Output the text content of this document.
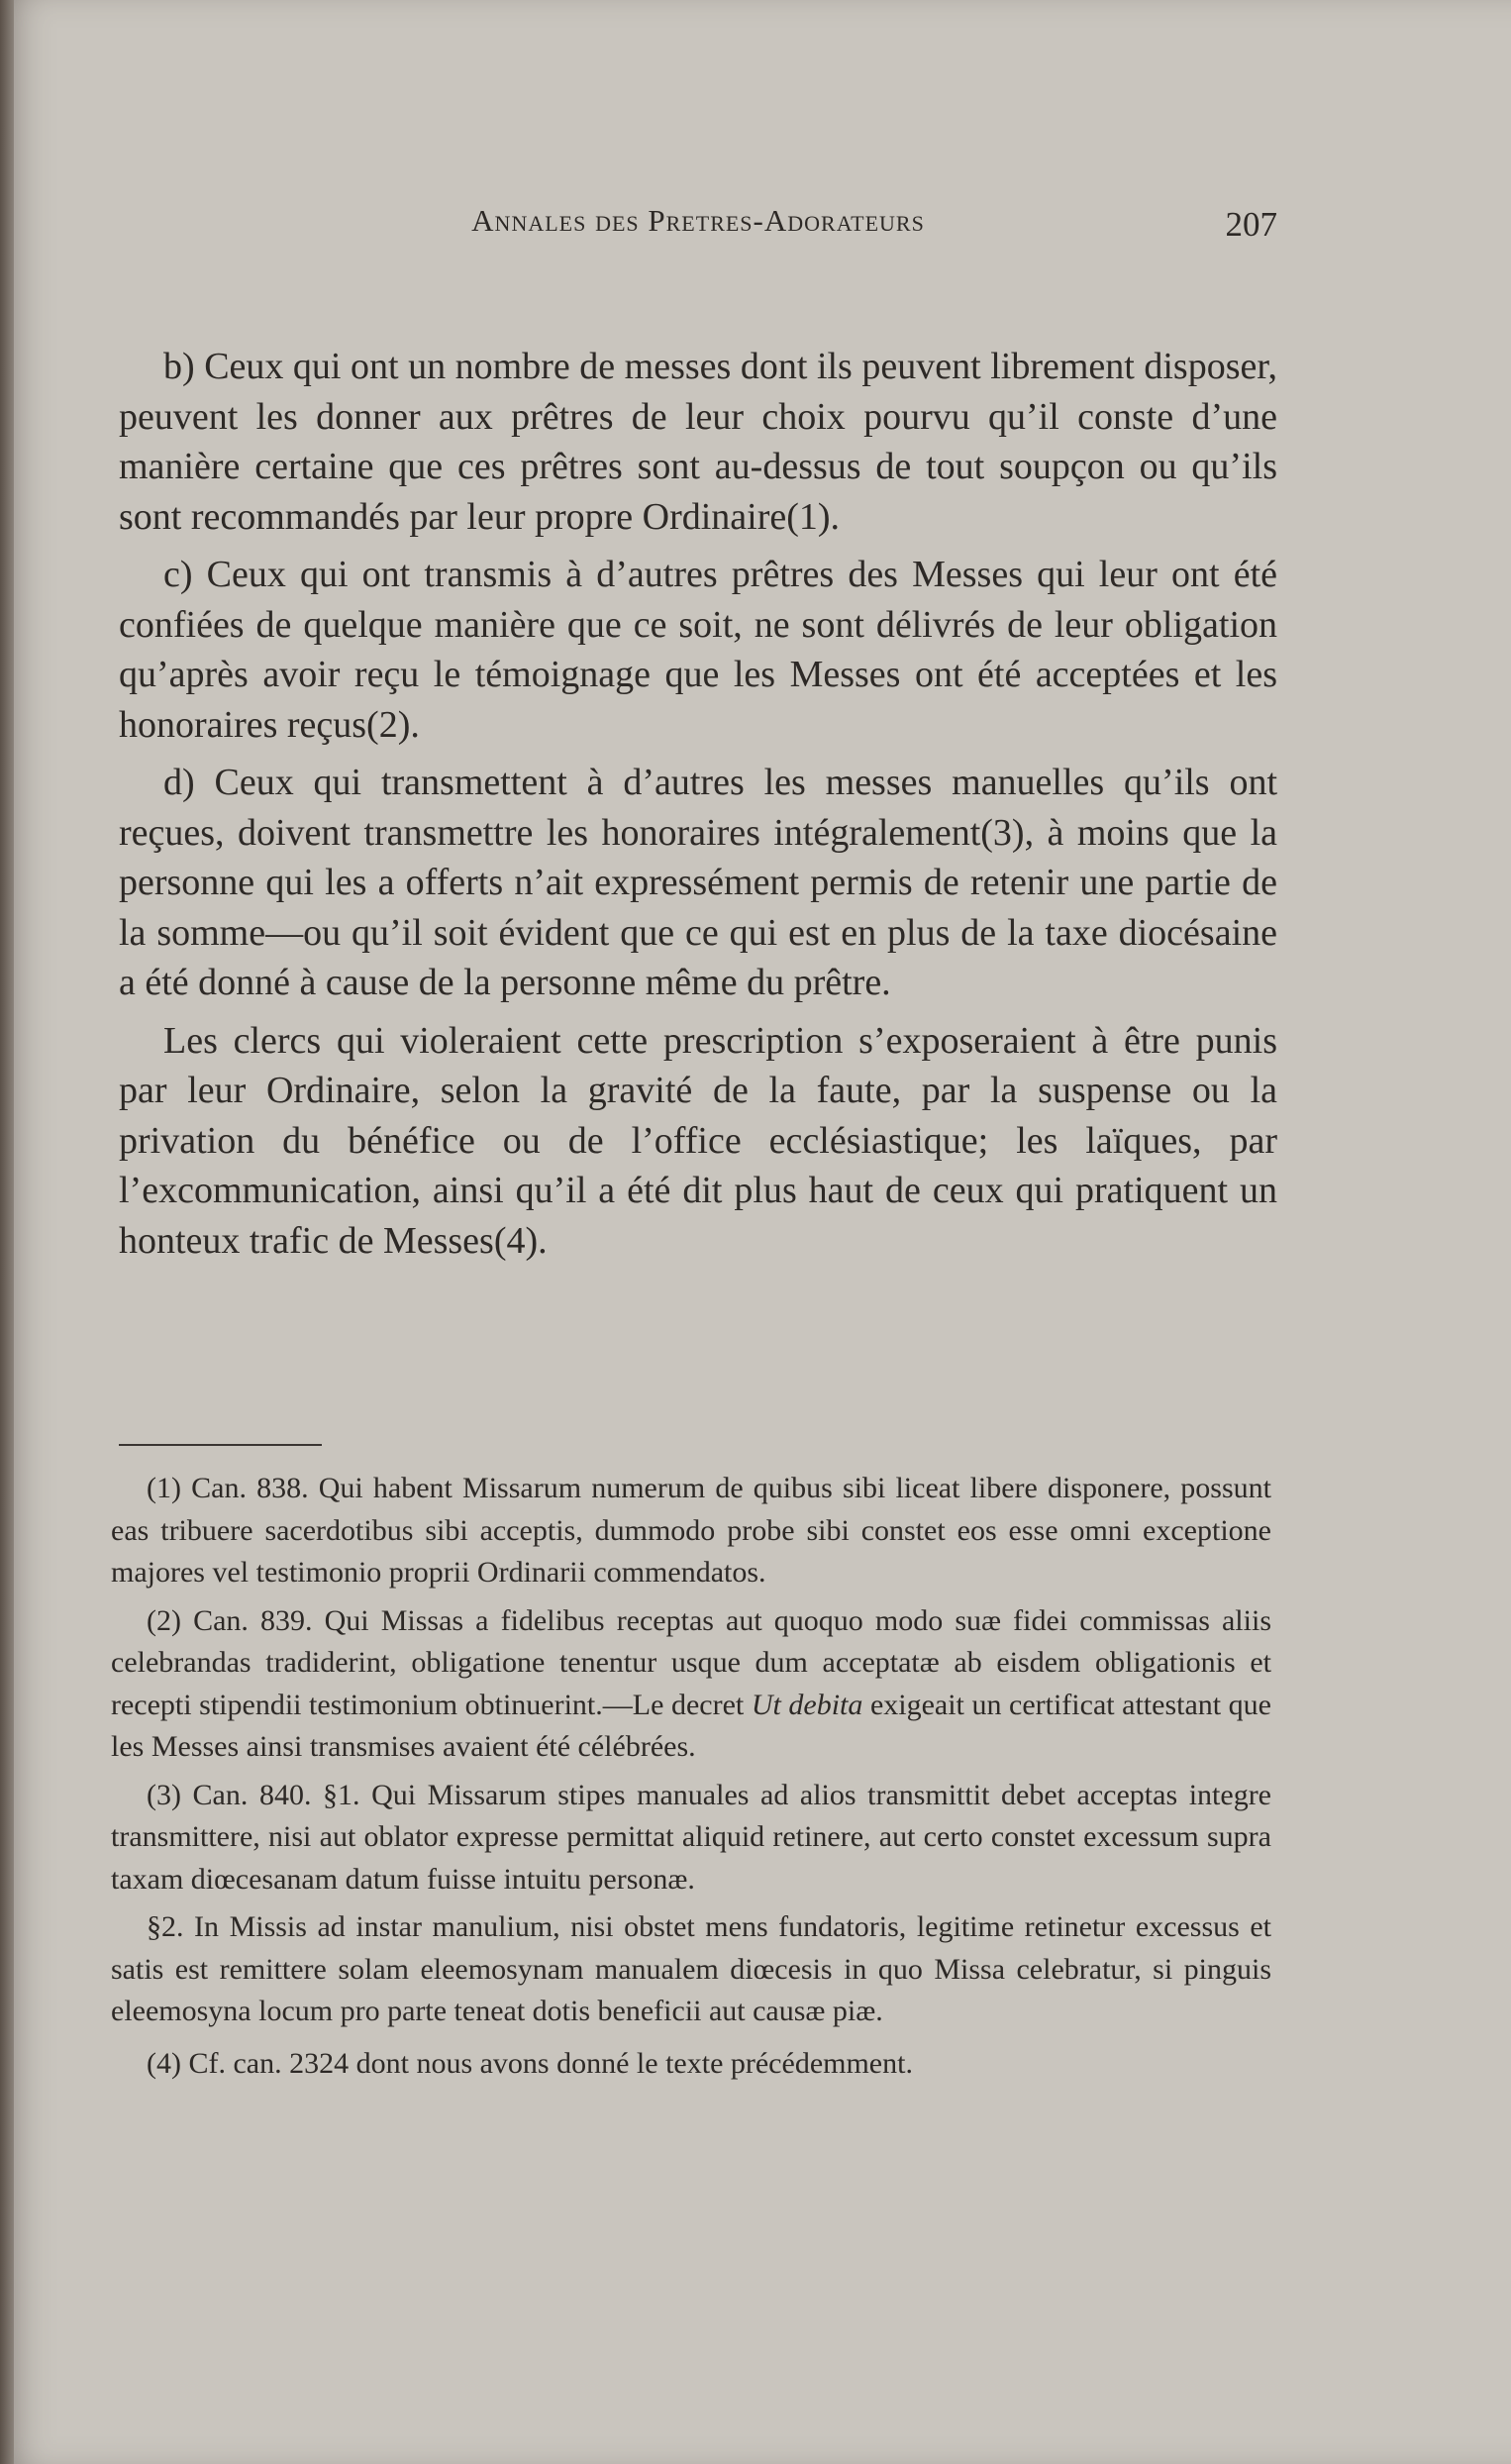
Annales des Pretres-Adorateurs	207

b) Ceux qui ont un nombre de messes dont ils peuvent librement disposer, peuvent les donner aux prêtres de leur choix pourvu qu’il conste d’une manière certaine que ces prêtres sont au-dessus de tout soupçon ou qu’ils sont recommandés par leur propre Ordinaire(1).

c) Ceux qui ont transmis à d’autres prêtres des Messes qui leur ont été confiées de quelque manière que ce soit, ne sont délivrés de leur obligation qu’après avoir reçu le témoignage que les Messes ont été acceptées et les honoraires reçus(2).

d) Ceux qui transmettent à d’autres les messes manuelles qu’ils ont reçues, doivent transmettre les honoraires intégralement(3), à moins que la personne qui les a offerts n’ait expressément permis de retenir une partie de la somme—ou qu’il soit évident que ce qui est en plus de la taxe diocésaine a été donné à cause de la personne même du prêtre.

Les clercs qui violeraient cette prescription s’exposeraient à être punis par leur Ordinaire, selon la gravité de la faute, par la suspense ou la privation du bénéfice ou de l’office ecclésiastique; les laïques, par l’excommunication, ainsi qu’il a été dit plus haut de ceux qui pratiquent un honteux trafic de Messes(4).

(1) Can. 838. Qui habent Missarum numerum de quibus sibi liceat libere disponere, possunt eas tribuere sacerdotibus sibi acceptis, dummodo probe sibi constet eos esse omni exceptione majores vel testimonio proprii Ordinarii commendatos.

(2) Can. 839. Qui Missas a fidelibus receptas aut quoquo modo suæ fidei commissas aliis celebrandas tradiderint, obligatione tenentur usque dum acceptatæ ab eisdem obligationis et recepti stipendii testimonium obtinuerint.—Le decret Ut debita exigeait un certificat attestant que les Messes ainsi transmises avaient été célébrées.

(3) Can. 840. §1. Qui Missarum stipes manuales ad alios transmittit debet acceptas integre transmittere, nisi aut oblator expresse permittat aliquid retinere, aut certo constet excessum supra taxam diœcesanam datum fuisse intuitu personæ.

§2. In Missis ad instar manulium, nisi obstet mens fundatoris, legitime retinetur excessus et satis est remittere solam eleemosynam manualem diœcesis in quo Missa celebratur, si pinguis eleemosyna locum pro parte teneat dotis beneficii aut causæ piæ.

(4) Cf. can. 2324 dont nous avons donné le texte précédemment.
